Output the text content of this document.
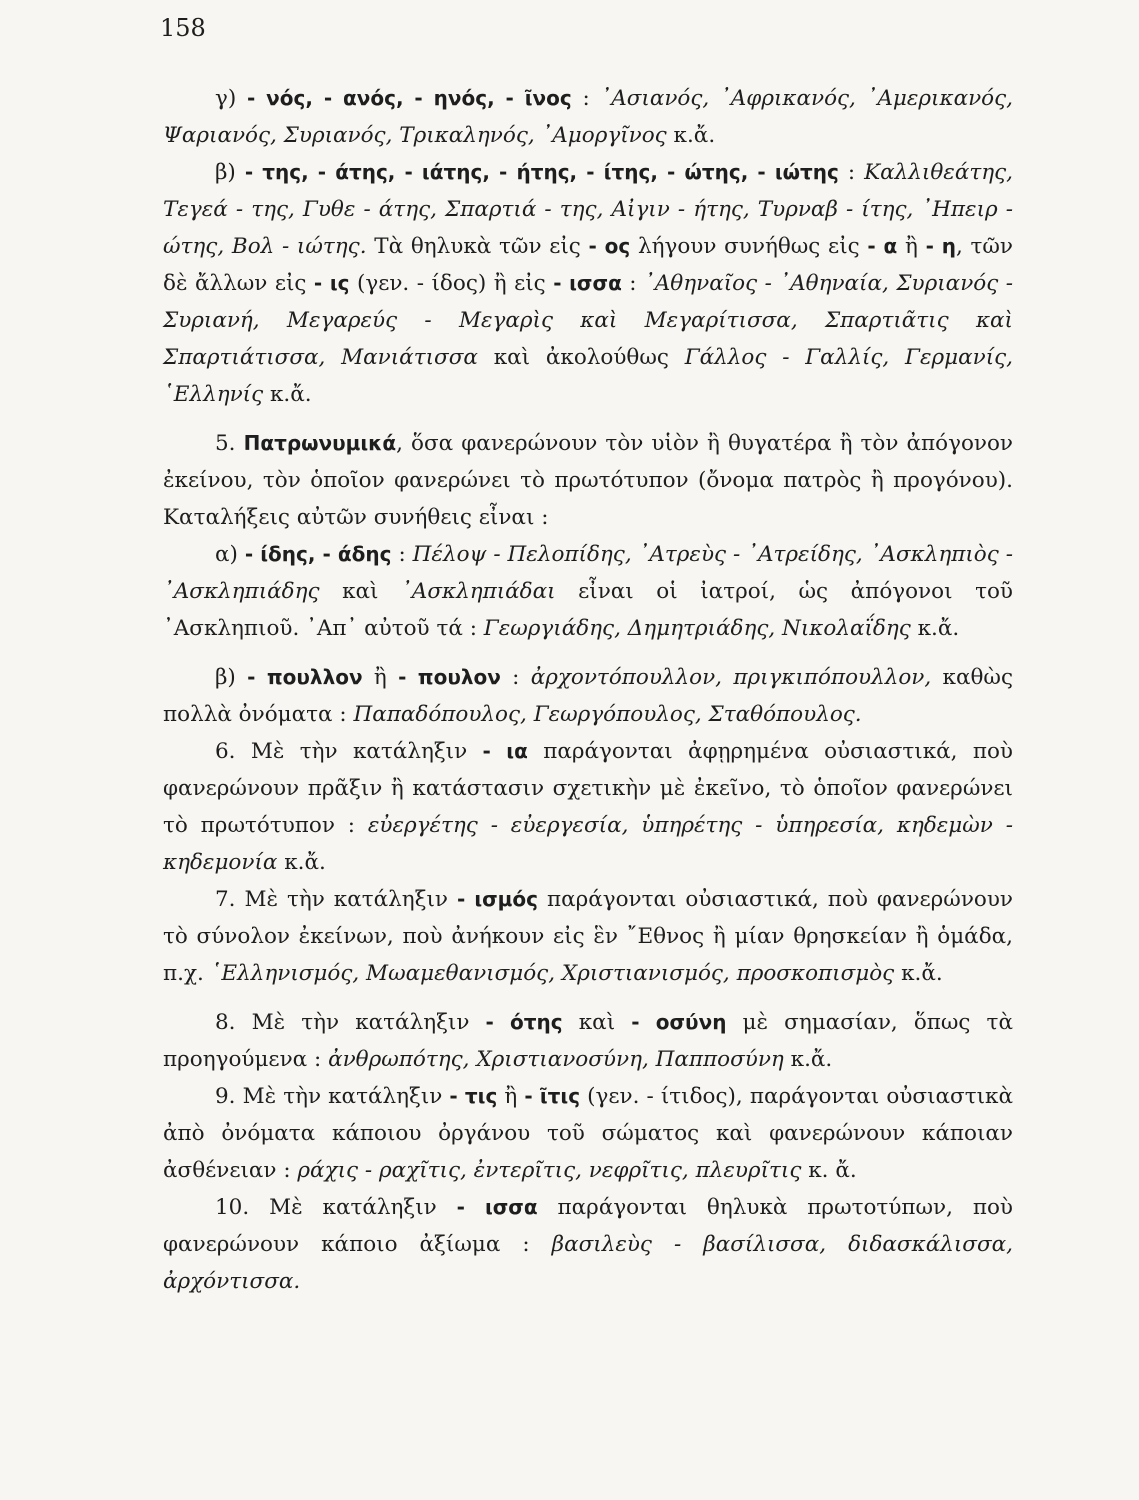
158

γ) - νός, - ανός, - ηνός, - ῖνος : ᾿Ασιανός, ᾿Αφρικανός, ᾿Αμερικανός, Ψαριανός, Συριανός, Τρικαληνός, ᾿Αμοργῖνος κ.ἄ.

β) - της, - άτης, - ιάτης, - ήτης, - ίτης, - ώτης, - ιώτης : Καλλιθεάτης, Τεγεά - της, Γυθε - άτης, Σπαρτιά - της, Αἰγιν - ήτης, Τυρναβ - ίτης, ᾿Ηπειρ - ώτης, Βολ - ιώτης. Τὰ θηλυκὰ τῶν εἰς - ος λήγουν συνήθως εἰς - α ἢ - η, τῶν δὲ ἄλλων εἰς - ις (γεν. - ίδος) ἢ εἰς - ισσα : ᾿Αθηναῖος - ᾿Αθηναία, Συριανός - Συριανή, Μεγαρεύς - Μεγαρὶς καὶ Μεγαρίτισσα, Σπαρτιᾶτις καὶ Σπαρτιάτισσα, Μανιάτισσα καὶ ἀκολούθως Γάλλος - Γαλλίς, Γερμανίς, ῾Ελληνίς κ.ἄ.

5. Πατρωνυμικά, ὅσα φανερώνουν τὸν υἱὸν ἢ θυγατέρα ἢ τὸν ἀπόγονον ἐκείνου, τὸν ὁποῖον φανερώνει τὸ πρωτότυπον (ὄνομα πατρὸς ἢ προγόνου). Καταλήξεις αὐτῶν συνήθεις εἶναι :

α) - ίδης, - άδης : Πέλοψ - Πελοπίδης, ᾿Ατρεὺς - ᾿Ατρείδης, ᾿Ασκληπιὸς - ᾿Ασκληπιάδης καὶ ᾿Ασκληπιάδαι εἶναι οἱ ἰατροί, ὡς ἀπόγονοι τοῦ ᾿Ασκληπιοῦ. ᾿Απ᾿ αὐτοῦ τά : Γεωργιάδης, Δημητριάδης, Νικολαΐδης κ.ἄ.

β) - πουλλον ἢ - πουλον : ἀρχοντόπουλλον, πριγκιπόπουλλον, καθὼς πολλὰ ὀνόματα : Παπαδόπουλος, Γεωργόπουλος, Σταθόπουλος.

6. Μὲ τὴν κατάληξιν - ια παράγονται ἀφῃρημένα οὐσιαστικά, ποὺ φανερώνουν πρᾶξιν ἢ κατάστασιν σχετικὴν μὲ ἐκεῖνο, τὸ ὁποῖον φανερώνει τὸ πρωτότυπον : εὐεργέτης - εὐεργεσία, ὑπηρέτης - ὑπηρεσία, κηδεμὼν - κηδεμονία κ.ἄ.

7. Μὲ τὴν κατάληξιν - ισμός παράγονται οὐσιαστικά, ποὺ φανερώνουν τὸ σύνολον ἐκείνων, ποὺ ἀνήκουν εἰς ἓν ῎Εθνος ἢ μίαν θρησκείαν ἢ ὁμάδα, π.χ. ῾Ελληνισμός, Μωαμεθανισμός, Χριστιανισμός, προσκοπισμὸς κ.ἄ.

8. Μὲ τὴν κατάληξιν - ότης καὶ - οσύνη μὲ σημασίαν, ὅπως τὰ προηγούμενα : ἀνθρωπότης, Χριστιανοσύνη, Παπποσύνη κ.ἄ.

9. Μὲ τὴν κατάληξιν - τις ἢ - ῖτις (γεν. - ίτιδος), παράγονται οὐσιαστικὰ ἀπὸ ὀνόματα κάποιου ὀργάνου τοῦ σώματος καὶ φανερώνουν κάποιαν ἀσθένειαν : ράχις - ραχῖτις, ἐντερῖτις, νεφρῖτις, πλευρῖτις κ. ἄ.

10. Μὲ κατάληξιν - ισσα παράγονται θηλυκὰ πρωτοτύπων, ποὺ φανερώνουν κάποιο ἀξίωμα : βασιλεὺς - βασίλισσα, διδασκάλισσα, ἀρχόντισσα.
